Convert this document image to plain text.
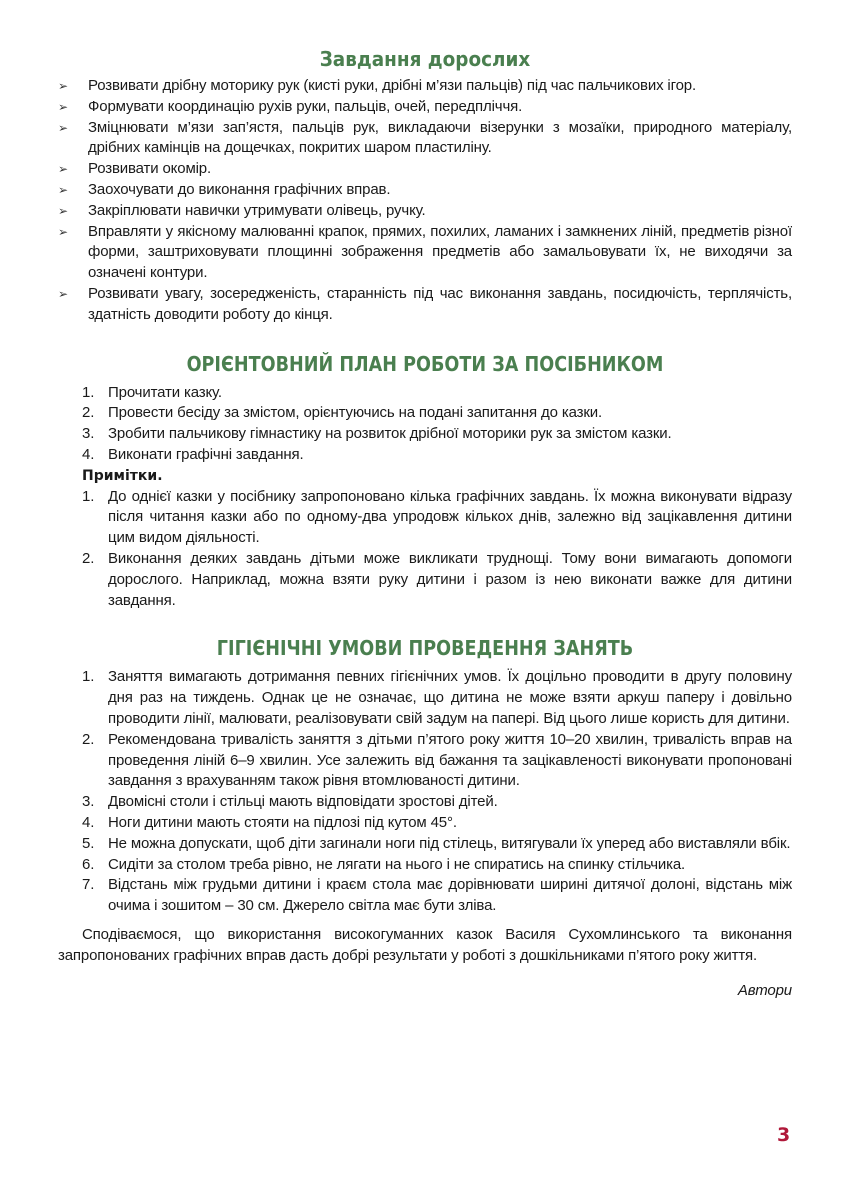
Завдання дорослих
➢ Розвивати дрібну моторику рук (кисті руки, дрібні м’язи пальців) під час пальчикових ігор.
➢ Формувати координацію рухів руки, пальців, очей, передпліччя.
➢ Зміцнювати м’язи зап’ястя, пальців рук, викладаючи візерунки з мозаїки, природного матеріалу, дрібних камінців на дощечках, покритих шаром пластиліну.
➢ Розвивати окомір.
➢ Заохочувати до виконання графічних вправ.
➢ Закріплювати навички утримувати олівець, ручку.
➢ Вправляти у якісному малюванні крапок, прямих, похилих, ламаних і замкнених ліній, предметів різної форми, заштриховувати площинні зображення предметів або замальовувати їх, не виходячи за означені контури.
➢ Розвивати увагу, зосередженість, старанність під час виконання завдань, посидючість, терплячість, здатність доводити роботу до кінця.
ОРІЄНТОВНИЙ ПЛАН РОБОТИ ЗА ПОСІБНИКОМ
1. Прочитати казку.
2. Провести бесіду за змістом, орієнтуючись на подані запитання до казки.
3. Зробити пальчикову гімнастику на розвиток дрібної моторики рук за змістом казки.
4. Виконати графічні завдання.
Примітки.
1. До однієї казки у посібнику запропоновано кілька графічних завдань. Їх можна виконувати відразу після читання казки або по одному-два упродовж кількох днів, залежно від зацікавлення дитини цим видом діяльності.
2. Виконання деяких завдань дітьми може викликати труднощі. Тому вони вимагають допомоги дорослого. Наприклад, можна взяти руку дитини і разом із нею виконати важке для дитини завдання.
ГІГІЄНІЧНІ УМОВИ ПРОВЕДЕННЯ ЗАНЯТЬ
1. Заняття вимагають дотримання певних гігієнічних умов. Їх доцільно проводити в другу половину дня раз на тиждень. Однак це не означає, що дитина не може взяти аркуш паперу і довільно проводити лінії, малювати, реалізовувати свій задум на папері. Від цього лише користь для дитини.
2. Рекомендована тривалість заняття з дітьми п’ятого року життя 10–20 хвилин, тривалість вправ на проведення ліній 6–9 хвилин. Усе залежить від бажання та зацікавленості виконувати пропоновані завдання з врахуванням також рівня втомлюваності дитини.
3. Двомісні столи і стільці мають відповідати зростові дітей.
4. Ноги дитини мають стояти на підлозі під кутом 45°.
5. Не можна допускати, щоб діти загинали ноги під стілець, витягували їх уперед або виставляли вбік.
6. Сидіти за столом треба рівно, не лягати на нього і не спиратись на спинку стільчика.
7. Відстань між грудьми дитини і краєм стола має дорівнювати ширині дитячої долоні, відстань між очима і зошитом – 30 см. Джерело світла має бути зліва.

Сподіваємося, що використання високогуманних казок Василя Сухомлинського та виконання запропонованих графічних вправ дасть добрі результати у роботі з дошкільниками п’ятого року життя.

Автори
3
